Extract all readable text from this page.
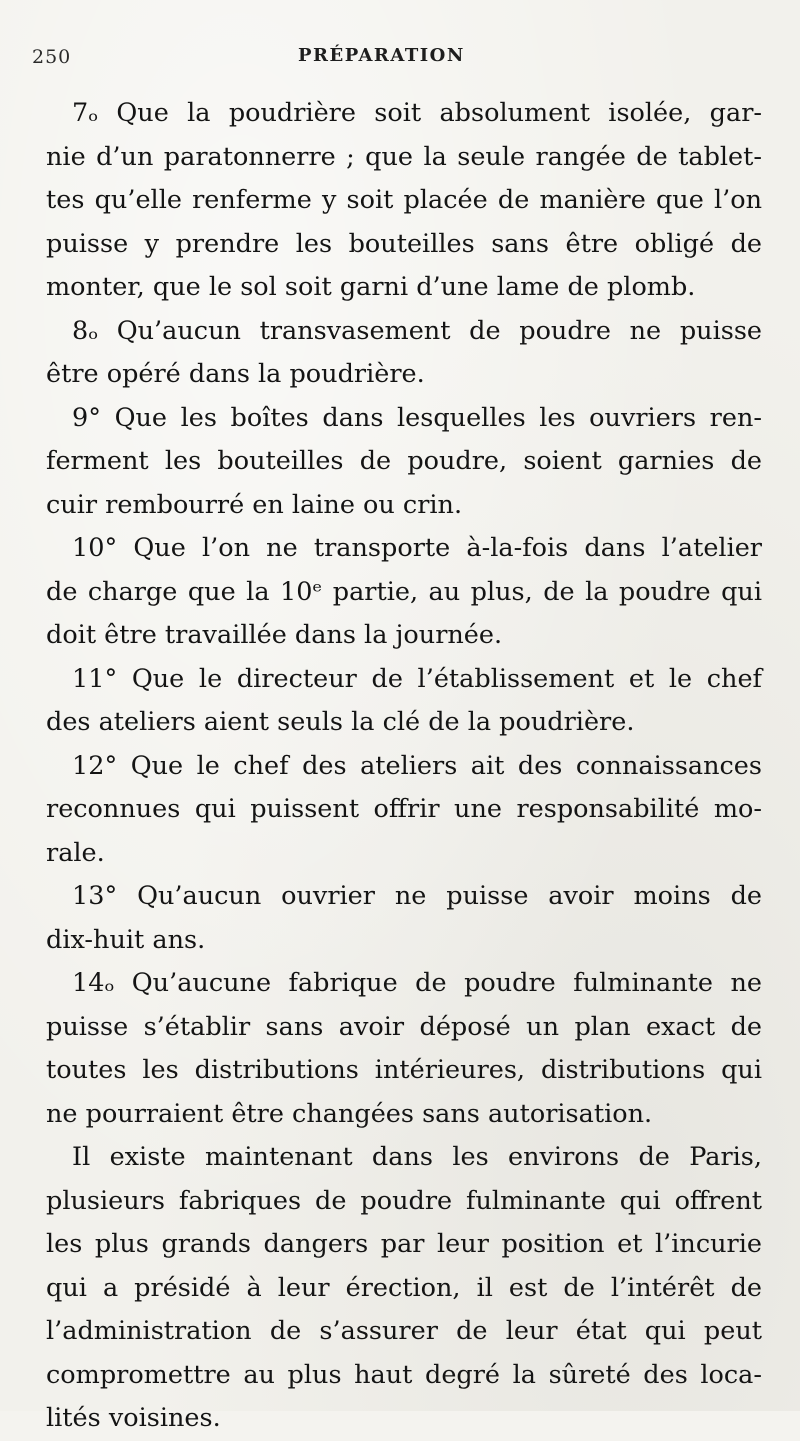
250	PRÉPARATION

7ₒ Que la poudrière soit absolument isolée, gar-
nie d’un paratonnerre ; que la seule rangée de tablet-
tes qu’elle renferme y soit placée de manière que l’on
puisse y prendre les bouteilles sans être obligé de
monter, que le sol soit garni d’une lame de plomb.

8ₒ Qu’aucun transvasement de poudre ne puisse
être opéré dans la poudrière.

9° Que les boîtes dans lesquelles les ouvriers ren-
ferment les bouteilles de poudre, soient garnies de
cuir rembourré en laine ou crin.

10° Que l’on ne transporte à-la-fois dans l’atelier
de charge que la 10ᵉ partie, au plus, de la poudre qui
doit être travaillée dans la journée.

11° Que le directeur de l’établissement et le chef
des ateliers aient seuls la clé de la poudrière.

12° Que le chef des ateliers ait des connaissances
reconnues qui puissent offrir une responsabilité mo-
rale.

13° Qu’aucun ouvrier ne puisse avoir moins de
dix-huit ans.

14ₒ Qu’aucune fabrique de poudre fulminante ne
puisse s’établir sans avoir déposé un plan exact de
toutes les distributions intérieures, distributions qui
ne pourraient être changées sans autorisation.

Il existe maintenant dans les environs de Paris,
plusieurs fabriques de poudre fulminante qui offrent
les plus grands dangers par leur position et l’incurie
qui a présidé à leur érection, il est de l’intérêt de
l’administration de s’assurer de leur état qui peut
compromettre au plus haut degré la sûreté des loca-
lités voisines.
